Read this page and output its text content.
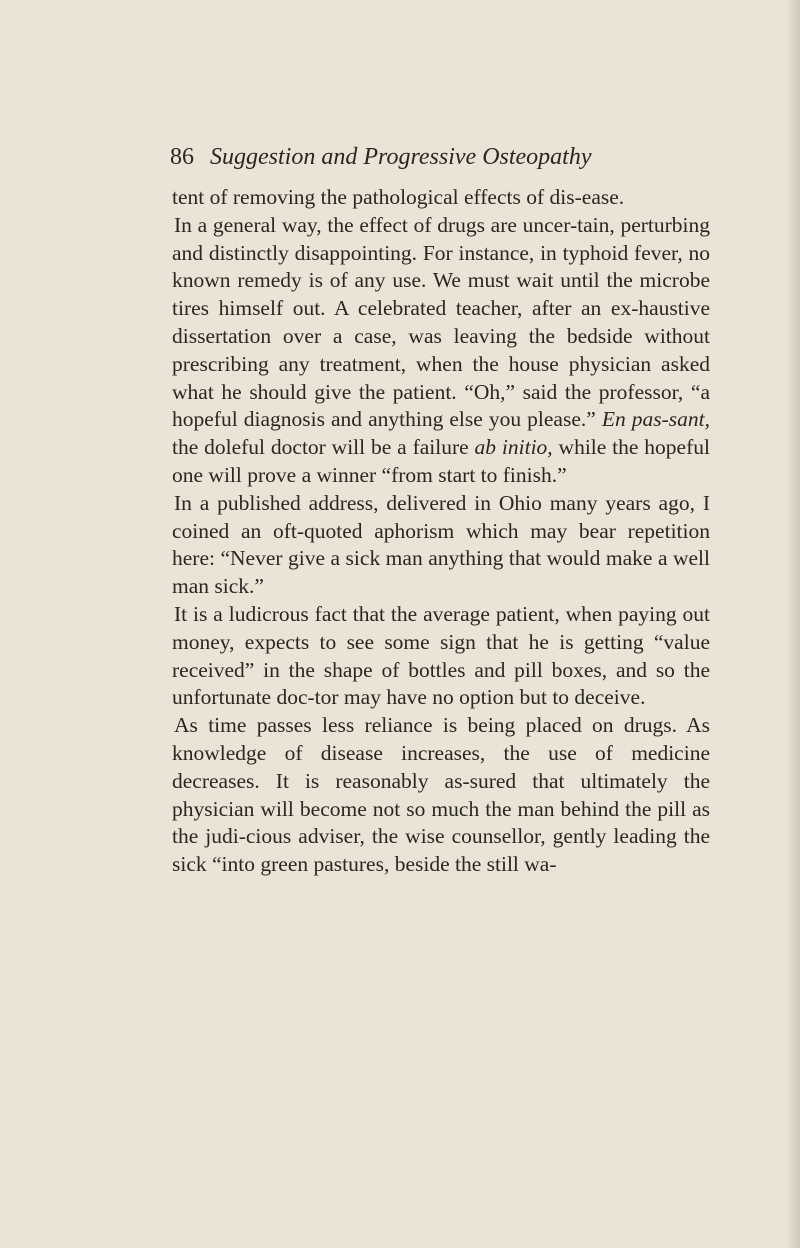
86 Suggestion and Progressive Osteopathy

tent of removing the pathological effects of dis-ease.

In a general way, the effect of drugs are uncer-tain, perturbing and distinctly disappointing. For instance, in typhoid fever, no known remedy is of any use. We must wait until the microbe tires himself out. A celebrated teacher, after an ex-haustive dissertation over a case, was leaving the bedside without prescribing any treatment, when the house physician asked what he should give the patient. “Oh,” said the professor, “a hopeful diagnosis and anything else you please.” En pas-sant, the doleful doctor will be a failure ab initio, while the hopeful one will prove a winner “from start to finish.”

In a published address, delivered in Ohio many years ago, I coined an oft-quoted aphorism which may bear repetition here: “Never give a sick man anything that would make a well man sick.”

It is a ludicrous fact that the average patient, when paying out money, expects to see some sign that he is getting “value received” in the shape of bottles and pill boxes, and so the unfortunate doc-tor may have no option but to deceive.

As time passes less reliance is being placed on drugs. As knowledge of disease increases, the use of medicine decreases. It is reasonably as-sured that ultimately the physician will become not so much the man behind the pill as the judi-cious adviser, the wise counsellor, gently leading the sick “into green pastures, beside the still wa-
